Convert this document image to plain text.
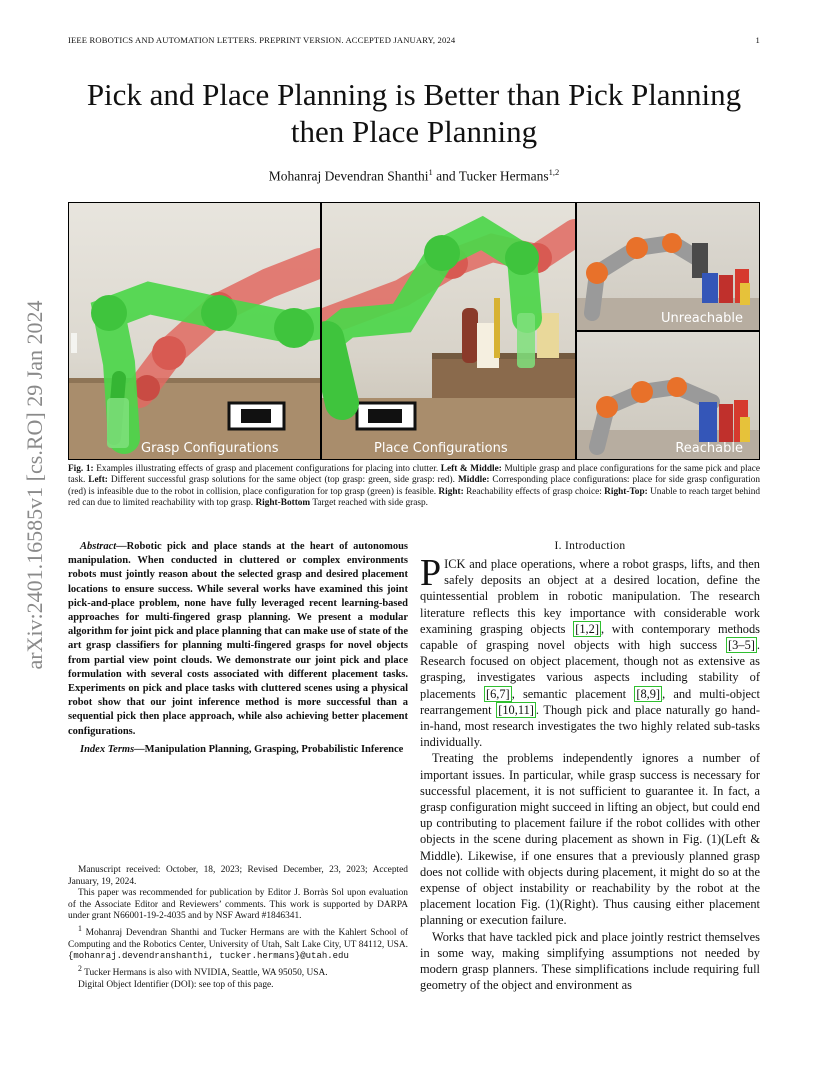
IEEE ROBOTICS AND AUTOMATION LETTERS. PREPRINT VERSION. ACCEPTED JANUARY, 2024	1
arXiv:2401.16585v1 [cs.RO] 29 Jan 2024
Pick and Place Planning is Better than Pick Planning then Place Planning
Mohanraj Devendran Shanthi$^1$ and Tucker Hermans$^{1,2}$
Grasp Configurations	Place Configurations
Unreachable
Reachable
Fig. 1: Examples illustrating effects of grasp and placement configurations for placing into clutter. Left & Middle: Multiple grasp and place configurations for the same pick and place task. Left: Different successful grasp solutions for the same object (top grasp: green, side grasp: red). Middle: Corresponding place configurations: place for side grasp configuration (red) is infeasible due to the robot in collision, place configuration for top grasp (green) is feasible. Right: Reachability effects of grasp choice: Right-Top: Unable to reach target behind red can due to limited reachability with top grasp. Right-Bottom Target reached with side grasp.

Abstract—Robotic pick and place stands at the heart of autonomous manipulation. When conducted in cluttered or complex environments robots must jointly reason about the selected grasp and desired placement locations to ensure success. While several works have examined this joint pick-and-place problem, none have fully leveraged recent learning-based approaches for multi-fingered grasp planning. We present a modular algorithm for joint pick and place planning that can make use of state of the art grasp classifiers for planning multi-fingered grasps for novel objects from partial view point clouds. We demonstrate our joint pick and place formulation with several costs associated with different placement tasks. Experiments on pick and place tasks with cluttered scenes using a physical robot show that our joint inference method is more successful than a sequential pick then place approach, while also achieving better placement configurations.

Index Terms—Manipulation Planning, Grasping, Probabilistic Inference

Manuscript received: October, 18, 2023; Revised December, 23, 2023; Accepted January, 19, 2024.

This paper was recommended for publication by Editor J. Borràs Sol upon evaluation of the Associate Editor and Reviewers’ comments. This work is supported by DARPA under grant N66001-19-2-4035 and by NSF Award #1846341.

$^1$ Mohanraj Devendran Shanthi and Tucker Hermans are with the Kahlert School of Computing and the Robotics Center, University of Utah, Salt Lake City, UT 84112, USA. {mohanraj.devendranshanthi, tucker.hermans}@utah.edu

$^2$ Tucker Hermans is also with NVIDIA, Seattle, WA 95050, USA.

Digital Object Identifier (DOI): see top of this page.

I. Introduction

PICK and place operations, where a robot grasps, lifts, and then safely deposits an object at a desired location, define the quintessential problem in robotic manipulation. The research literature reflects this key importance with considerable work examining grasping objects [1,2] , with contemporary methods capable of grasping novel objects with high success [3–5] . Research focused on object placement, though not as extensive as grasping, investigates various aspects including stability of placements [6,7] , semantic placement [8,9] , and multi-object rearrangement [10,11] . Though pick and place naturally go hand-in-hand, most research investigates the two highly related sub-tasks individually.

Treating the problems independently ignores a number of important issues. In particular, while grasp success is necessary for successful placement, it is not sufficient to guarantee it. In fact, a grasp configuration might succeed in lifting an object, but could end up contributing to placement failure if the robot collides with other objects in the scene during placement as shown in Fig. (1)(Left & Middle). Likewise, if one ensures that a previously planned grasp does not collide with objects during placement, it might do so at the expense of object instability or reachability by the robot at the placement location Fig. (1)(Right). Thus causing either placement planning or execution failure.

Works that have tackled pick and place jointly restrict themselves in some way, making simplifying assumptions not needed by modern grasp planners. These simplifications include requiring full geometry of the object and environment as
